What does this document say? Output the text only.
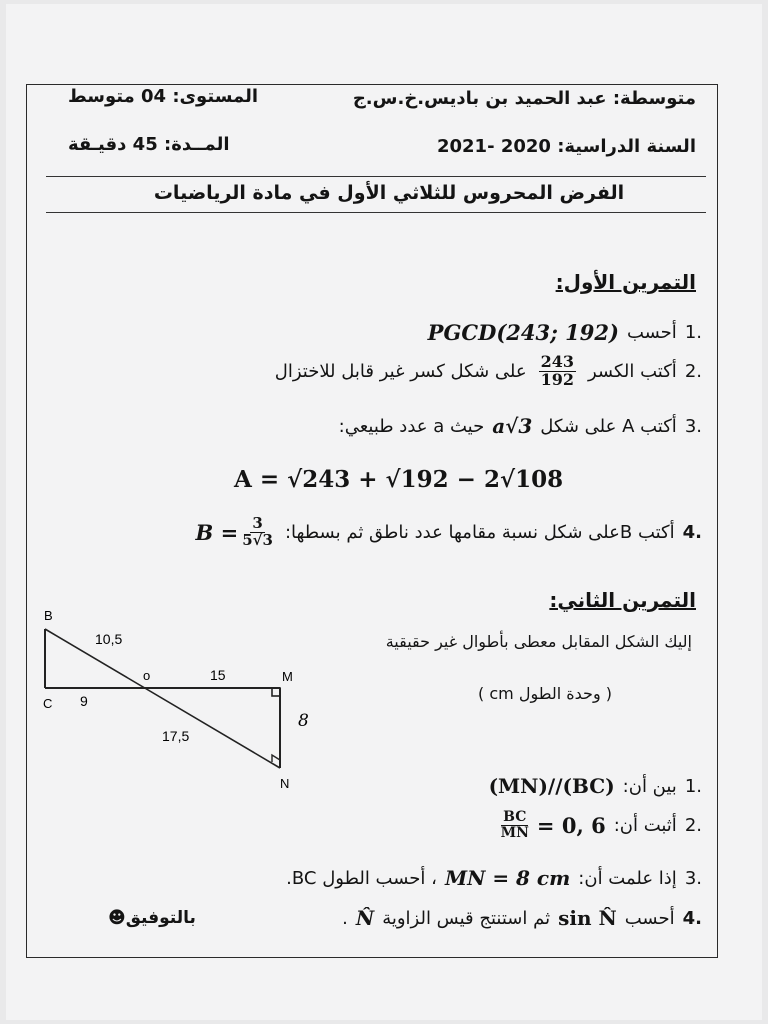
متوسطة: عبد الحميد بن باديس.خ.س.ج
المستوى: 04 متوسط
السنة الدراسية: 2020 -2021
المــدة: 45 دقيـقة
الفرض المحروس للثلاثي الأول في مادة الرياضيات
التمرين الأول:
.1
أحسب
PGCD(243; 192)
.2
أكتب الكسر
$\frac{243}{192}$
على شكل كسر غير قابل للاختزال
.3
أكتب A على شكل
a√3
حيث a عدد طبيعي:
A = √243 + √192 − 2√108
.4
أكتب Bعلى شكل نسبة مقامها عدد ناطق ثم بسطها:
$B = \frac{3}{5√3}$
التمرين الثاني:
إليك الشكل المقابل معطى بأطوال غير حقيقية
( وحدة الطول cm )
B
C
o	M
N
10,5
15
9
17,5
8
.1
بين أن:
(MN)//(BC)
.2
أثبت أن:
$\frac{BC}{MN} = 0$, 6
.3
إذا علمت أن:
MN = 8 cm
، أحسب الطول BC.
.4
أحسب
sin N̂
ثم استنتج قيس الزاوية
N̂
.
بالتوفيق☻
